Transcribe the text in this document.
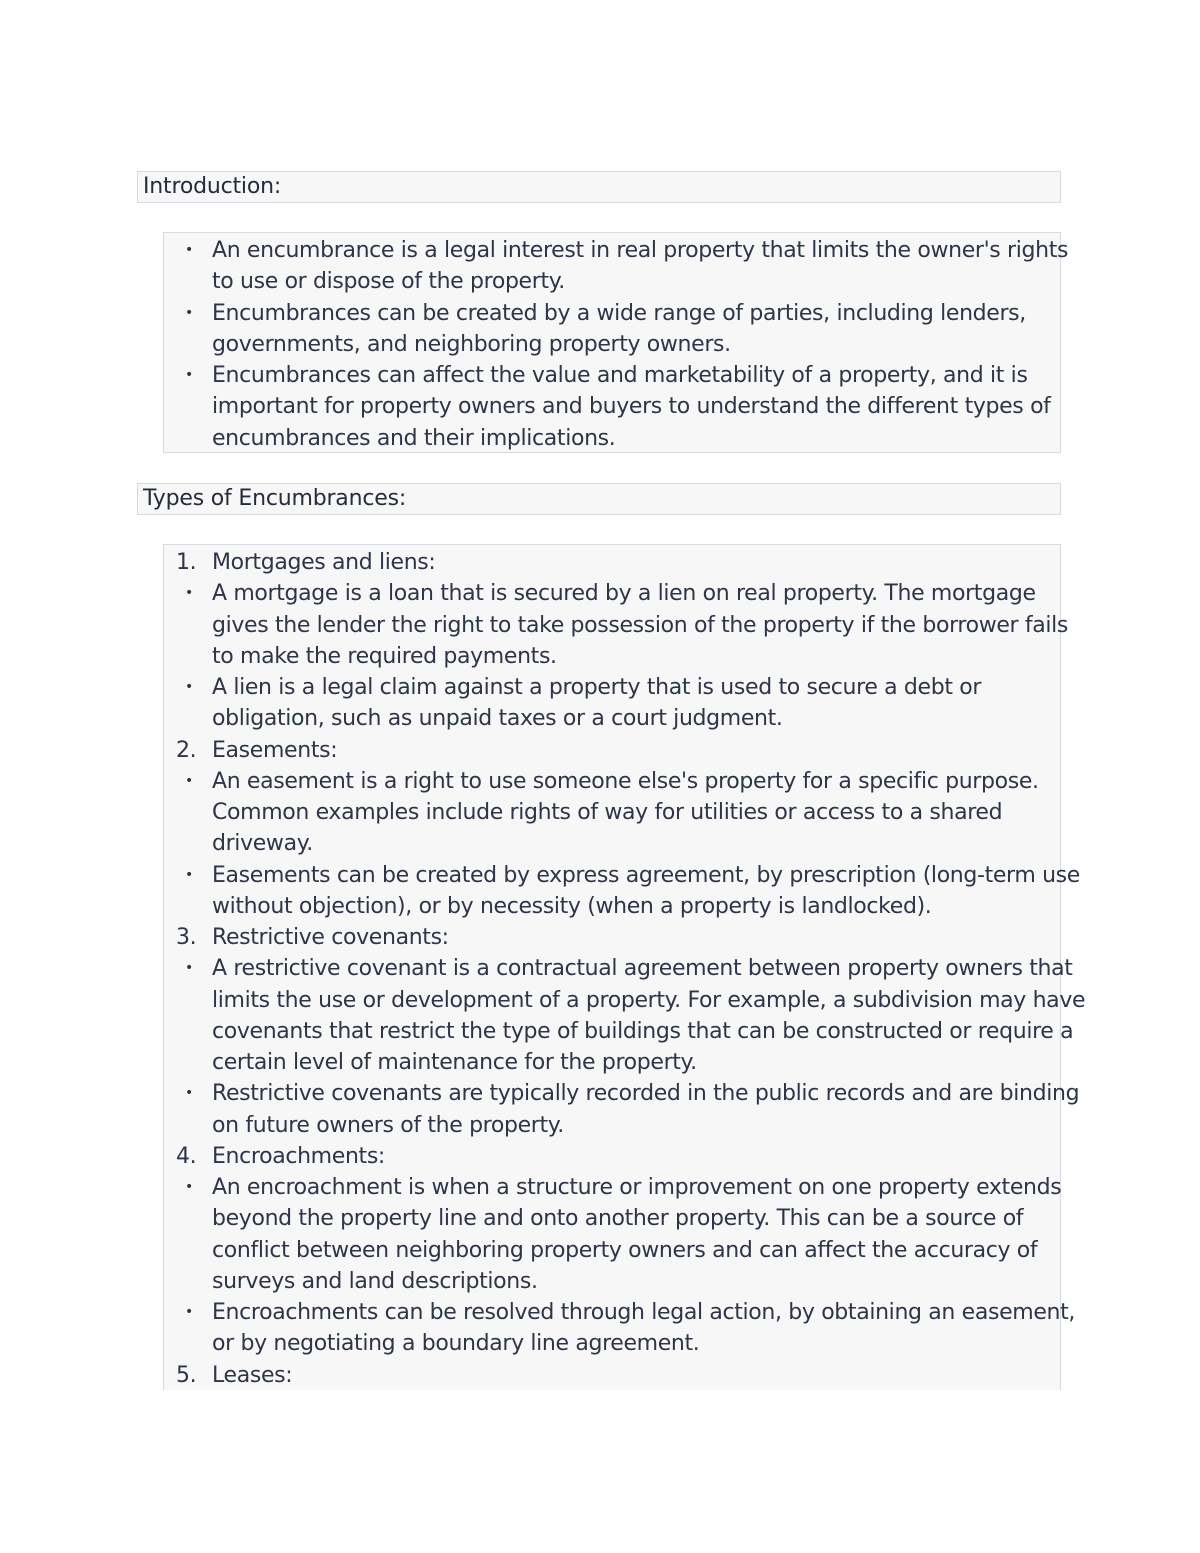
Introduction:
• An encumbrance is a legal interest in real property that limits the owner's rights
to use or dispose of the property.
• Encumbrances can be created by a wide range of parties, including lenders,
governments, and neighboring property owners.
• Encumbrances can affect the value and marketability of a property, and it is
important for property owners and buyers to understand the different types of
encumbrances and their implications.
Types of Encumbrances:
1. Mortgages and liens:
• A mortgage is a loan that is secured by a lien on real property. The mortgage
gives the lender the right to take possession of the property if the borrower fails
to make the required payments.
• A lien is a legal claim against a property that is used to secure a debt or
obligation, such as unpaid taxes or a court judgment.
2. Easements:
• An easement is a right to use someone else's property for a specific purpose.
Common examples include rights of way for utilities or access to a shared
driveway.
• Easements can be created by express agreement, by prescription (long-term use
without objection), or by necessity (when a property is landlocked).
3. Restrictive covenants:
• A restrictive covenant is a contractual agreement between property owners that
limits the use or development of a property. For example, a subdivision may have
covenants that restrict the type of buildings that can be constructed or require a
certain level of maintenance for the property.
• Restrictive covenants are typically recorded in the public records and are binding
on future owners of the property.
4. Encroachments:
• An encroachment is when a structure or improvement on one property extends
beyond the property line and onto another property. This can be a source of
conflict between neighboring property owners and can affect the accuracy of
surveys and land descriptions.
• Encroachments can be resolved through legal action, by obtaining an easement,
or by negotiating a boundary line agreement.
5. Leases:
